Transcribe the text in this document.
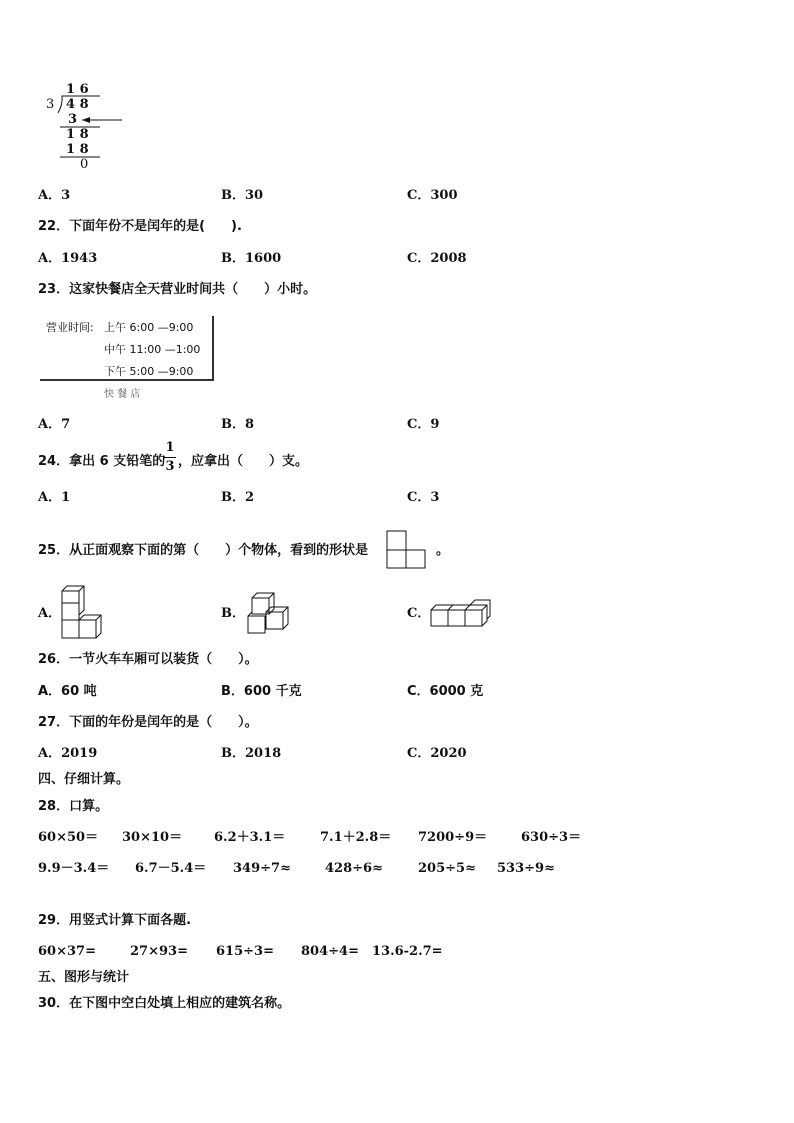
1 6
3 4 8
3
1 8
1 8
0
A．3	B．30	C．300
22．下面年份不是闰年的是(　　).
A．1943	B．1600	C．2008
23．这家快餐店全天营业时间共（　　）小时。
营业时间: 上午 6:00 —9:00
中午 11:00 —1:00
下午 5:00 —9:00
快 餐 店
A．7	B．8	C．9
24．拿出 6 支铅笔的
1
3 ，应拿出（　　）支。
A．1	B．2	C．3
25．从正面观察下面的第（　　）个物体，看到的形状是	。
A．	B．	C．
26．一节火车车厢可以装货（　　）。
A．60 吨	B．600 千克	C．6000 克
27．下面的年份是闰年的是（　　）。
A．2019	B．2018	C．2020
四、仔细计算。
28．口算。
60×50＝ 30×10＝ 6.2＋3.1＝	7.1＋2.8＝ 7200÷9＝	630÷3＝
9.9－3.4＝ 6.7－5.4＝ 349÷7≈	428÷6≈	205÷5≈ 533÷9≈
29．用竖式计算下面各题.
60×37=	27×93= 615÷3= 804÷4= 13.6-2.7=
五、图形与统计
30．在下图中空白处填上相应的建筑名称。
